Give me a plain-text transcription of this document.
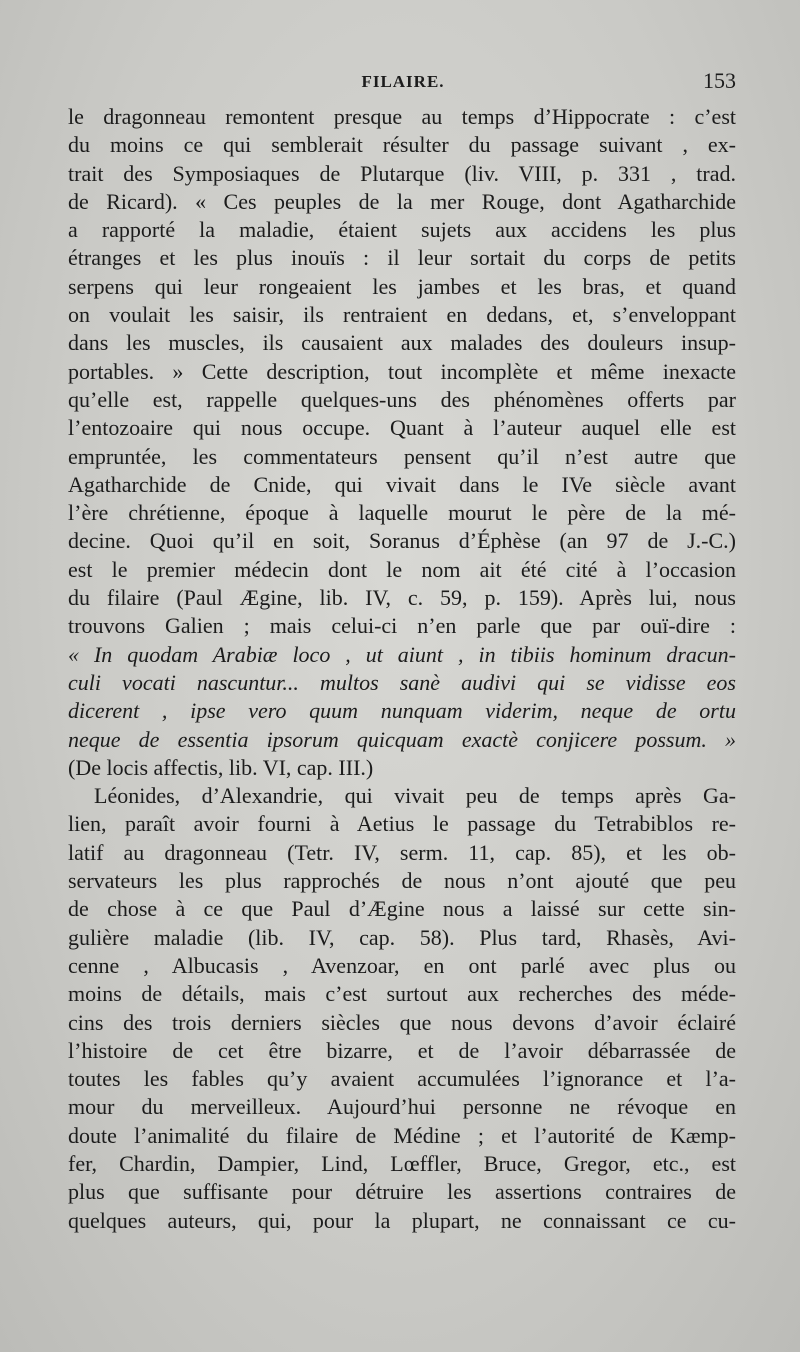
FILAIRE.	153
le dragonneau remontent presque au temps d’Hippocrate : c’est
du moins ce qui semblerait résulter du passage suivant , ex-
trait des Symposiaques de Plutarque (liv. VIII, p. 331 , trad.
de Ricard). « Ces peuples de la mer Rouge, dont Agatharchide
a rapporté la maladie, étaient sujets aux accidens les plus
étranges et les plus inouïs : il leur sortait du corps de petits
serpens qui leur rongeaient les jambes et les bras, et quand
on voulait les saisir, ils rentraient en dedans, et, s’enveloppant
dans les muscles, ils causaient aux malades des douleurs insup-
portables. » Cette description, tout incomplète et même inexacte
qu’elle est, rappelle quelques-uns des phénomènes offerts par
l’entozoaire qui nous occupe. Quant à l’auteur auquel elle est
empruntée, les commentateurs pensent qu’il n’est autre que
Agatharchide de Cnide, qui vivait dans le IVe siècle avant
l’ère chrétienne, époque à laquelle mourut le père de la mé-
decine. Quoi qu’il en soit, Soranus d’Éphèse (an 97 de J.-C.)
est le premier médecin dont le nom ait été cité à l’occasion
du filaire (Paul Ægine, lib. IV, c. 59, p. 159). Après lui, nous
trouvons Galien ; mais celui-ci n’en parle que par ouï-dire :
« In quodam Arabiæ loco , ut aiunt , in tibiis hominum dracun-
culi vocati nascuntur... multos sanè audivi qui se vidisse eos
dicerent , ipse vero quum nunquam viderim, neque de ortu
neque de essentia ipsorum quicquam exactè conjicere possum. »
(De locis affectis, lib. VI, cap. III.)
Léonides, d’Alexandrie, qui vivait peu de temps après Ga-
lien, paraît avoir fourni à Aetius le passage du Tetrabiblos re-
latif au dragonneau (Tetr. IV, serm. 11, cap. 85), et les ob-
servateurs les plus rapprochés de nous n’ont ajouté que peu
de chose à ce que Paul d’Ægine nous a laissé sur cette sin-
gulière maladie (lib. IV, cap. 58). Plus tard, Rhasès, Avi-
cenne , Albucasis , Avenzoar, en ont parlé avec plus ou
moins de détails, mais c’est surtout aux recherches des méde-
cins des trois derniers siècles que nous devons d’avoir éclairé
l’histoire de cet être bizarre, et de l’avoir débarrassée de
toutes les fables qu’y avaient accumulées l’ignorance et l’a-
mour du merveilleux. Aujourd’hui personne ne révoque en
doute l’animalité du filaire de Médine ; et l’autorité de Kæmp-
fer, Chardin, Dampier, Lind, Lœffler, Bruce, Gregor, etc., est
plus que suffisante pour détruire les assertions contraires de
quelques auteurs, qui, pour la plupart, ne connaissant ce cu-
